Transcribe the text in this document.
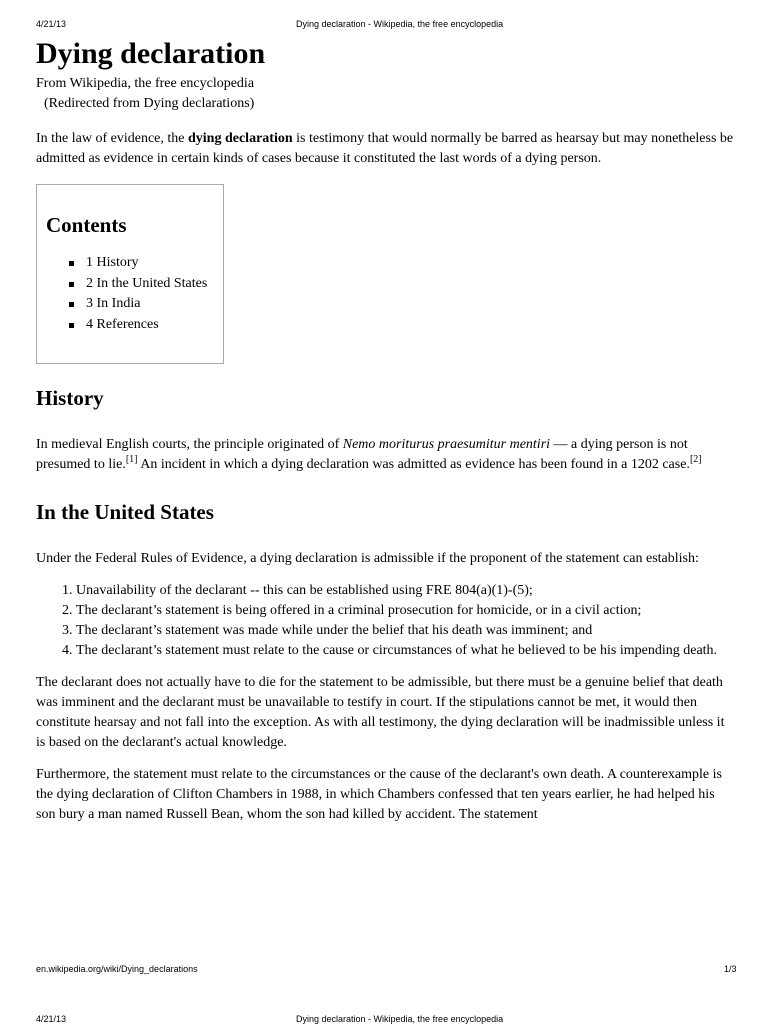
4/21/13	Dying declaration - Wikipedia, the free encyclopedia
Dying declaration
From Wikipedia, the free encyclopedia
(Redirected from Dying declarations)

In the law of evidence, the dying declaration is testimony that would normally be barred as hearsay but may nonetheless be admitted as evidence in certain kinds of cases because it constituted the last words of a dying person.

Contents
1 History
2 In the United States
3 In India
4 References
History

In medieval English courts, the principle originated of Nemo moriturus praesumitur mentiri — a dying person is not presumed to lie.[1] An incident in which a dying declaration was admitted as evidence has been found in a 1202 case.[2]

In the United States

Under the Federal Rules of Evidence, a dying declaration is admissible if the proponent of the statement can establish:

1. Unavailability of the declarant -- this can be established using FRE 804(a)(1)-(5);
2. The declarant’s statement is being offered in a criminal prosecution for homicide, or in a civil action;
3. The declarant’s statement was made while under the belief that his death was imminent; and
4. The declarant’s statement must relate to the cause or circumstances of what he believed to be his impending death.

The declarant does not actually have to die for the statement to be admissible, but there must be a genuine belief that death was imminent and the declarant must be unavailable to testify in court. If the stipulations cannot be met, it would then constitute hearsay and not fall into the exception. As with all testimony, the dying declaration will be inadmissible unless it is based on the declarant's actual knowledge.

Furthermore, the statement must relate to the circumstances or the cause of the declarant's own death. A counterexample is the dying declaration of Clifton Chambers in 1988, in which Chambers confessed that ten years earlier, he had helped his son bury a man named Russell Bean, whom the son had killed by accident. The statement

en.wikipedia.org/wiki/Dying_declarations	1/3
4/21/13	Dying declaration - Wikipedia, the free encyclopedia
